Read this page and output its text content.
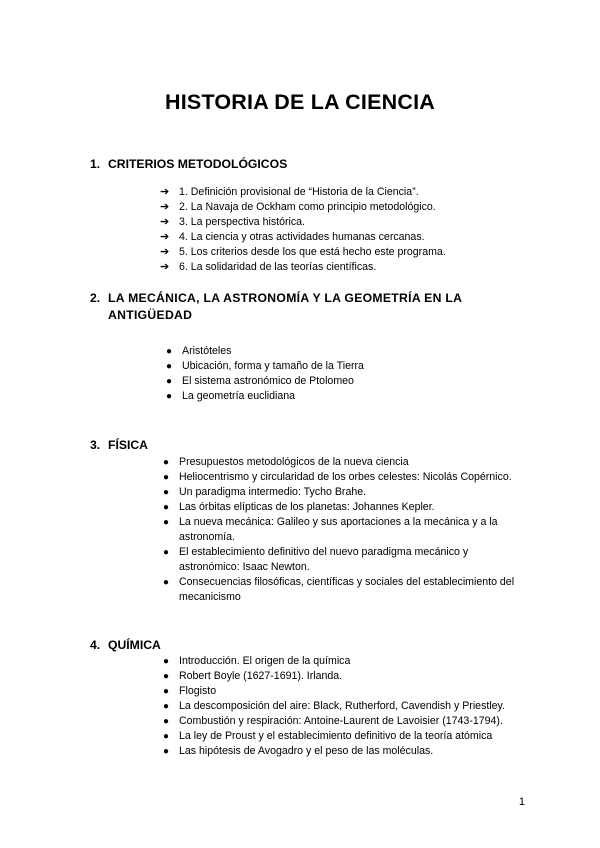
HISTORIA DE LA CIENCIA
1. CRITERIOS METODOLÓGICOS
➔ 1. Definición provisional de “Historia de la Ciencia”.
➔ 2. La Navaja de Ockham como principio metodológico.
➔ 3. La perspectiva histórica.
➔ 4. La ciencia y otras actividades humanas cercanas.
➔ 5. Los criterios desde los que está hecho este programa.
➔ 6. La solidaridad de las teorías científicas.
2. LA MECÁNICA, LA ASTRONOMÍA Y LA GEOMETRÍA EN LA ANTIGÜEDAD
● Aristóteles
● Ubicación, forma y tamaño de la Tierra
● El sistema astronómico de Ptolomeo
● La geometría euclidiana
3. FÍSICA
● Presupuestos metodológicos de la nueva ciencia
● Heliocentrismo y circularidad de los orbes celestes: Nicolás Copérnico.
● Un paradigma intermedio: Tycho Brahe.
● Las órbitas elípticas de los planetas: Johannes Kepler.
● La nueva mecánica: Galileo y sus aportaciones a la mecánica y a la astronomía.
● El establecimiento definitivo del nuevo paradigma mecánico y astronómico: Isaac Newton.
● Consecuencias filosóficas, científicas y sociales del establecimiento del mecanicismo
4. QUÍMICA
● Introducción. El origen de la química
● Robert Boyle (1627-1691). Irlanda.
● Flogisto
● La descomposición del aire: Black, Rutherford, Cavendish y Priestley.
● Combustión y respiración: Antoine-Laurent de Lavoisier (1743-1794).
● La ley de Proust y el establecimiento definitivo de la teoría atómica
● Las hipótesis de Avogadro y el peso de las moléculas.
1
